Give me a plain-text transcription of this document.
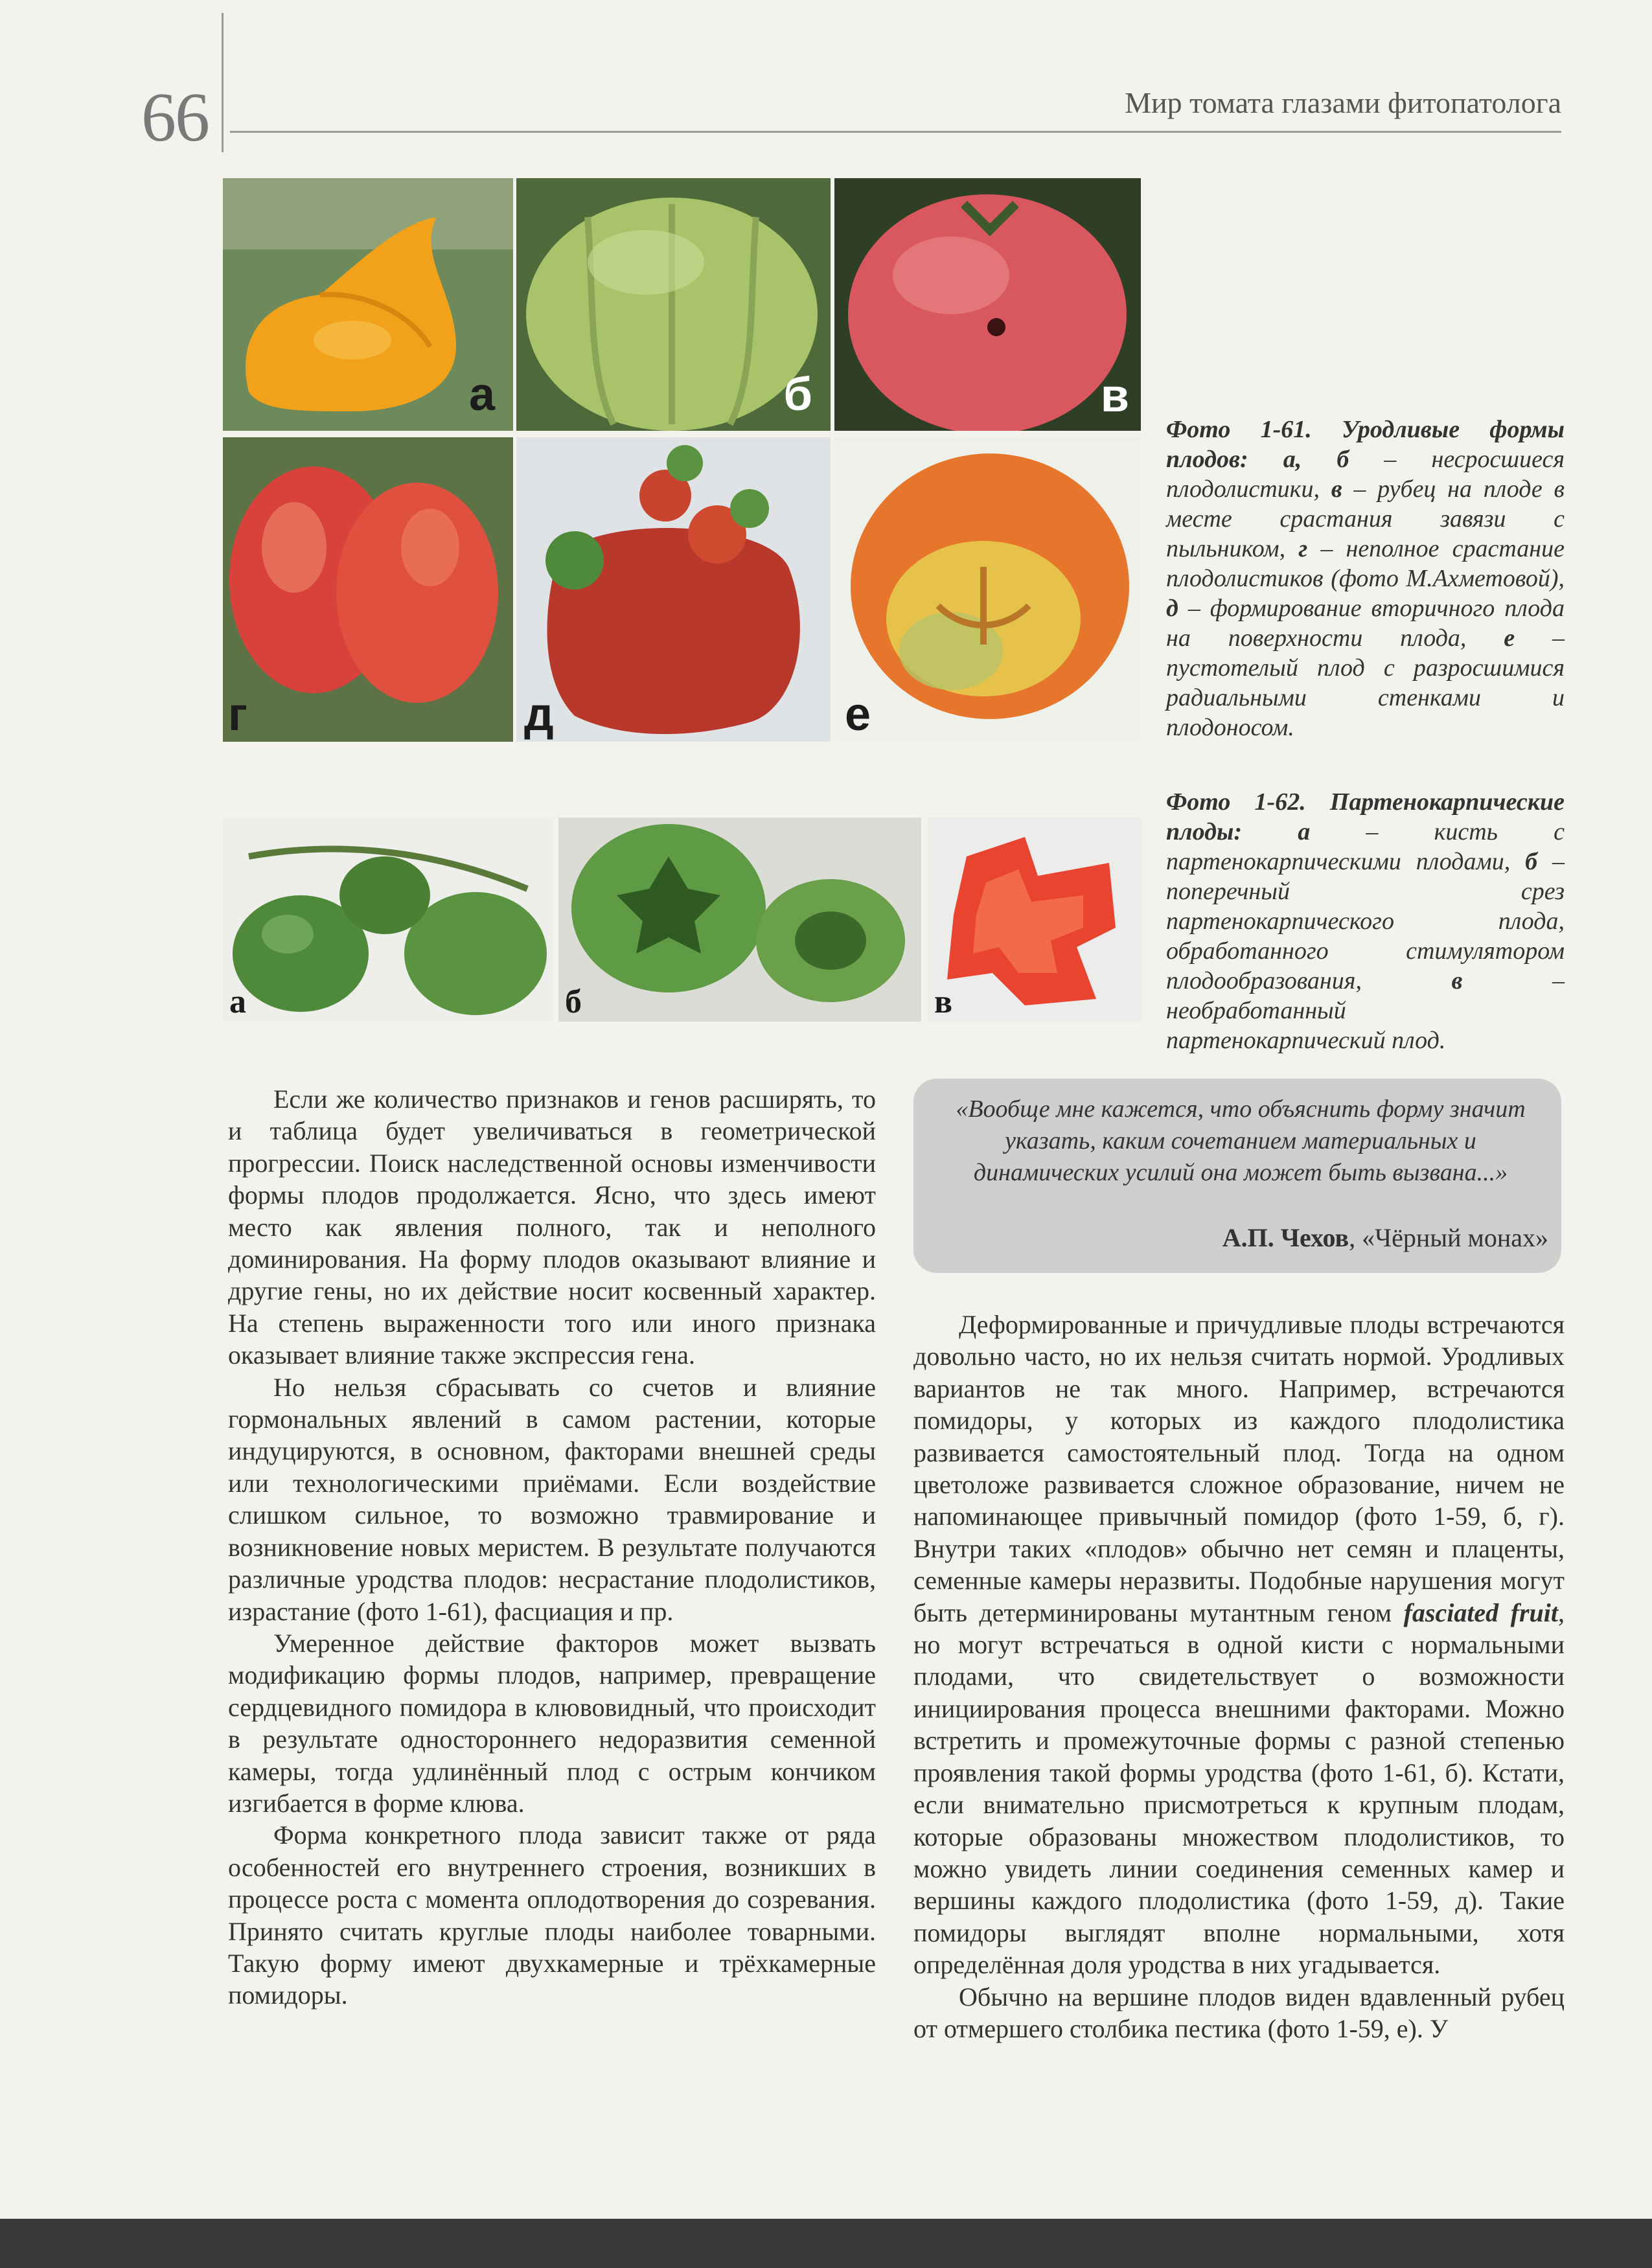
66	Мир томата глазами фитопатолога
а	б	в
г	д	е
Фото 1-61. Уродливые формы плодов: а, б – несросшиеся плодолистики, в – рубец на плоде в месте срастания завязи с пыльником, г – неполное срастание плодолистиков (фото М.Ахметовой), д – формирование вторичного плода на поверхности плода, е – пустотелый плод с разросшимися радиальными стенками и плодоносом.
а	б	в
Фото 1-62. Партенокарпические плоды: а – кисть с партенокарпическими плодами, б – поперечный срез партенокарпического плода, обработанного стимулятором плодообразования, в – необработанный партенокарпический плод.

Если же количество признаков и генов расширять, то и таблица будет увеличиваться в геометрической прогрессии. Поиск наследственной основы изменчивости формы плодов продолжается. Ясно, что здесь имеют место как явления полного, так и неполного доминирования. На форму плодов оказывают влияние и другие гены, но их действие носит косвенный характер. На степень выраженности того или иного признака оказывает влияние также экспрессия гена.

Но нельзя сбрасывать со счетов и влияние гормональных явлений в самом растении, которые индуцируются, в основном, факторами внешней среды или технологическими приёмами. Если воздействие слишком сильное, то возможно травмирование и возникновение новых меристем. В результате получаются различные уродства плодов: несрастание плодолистиков, израстание (фото 1-61), фасциация и пр.

Умеренное действие факторов может вызвать модификацию формы плодов, например, превращение сердцевидного помидора в клювовидный, что происходит в результате одностороннего недоразвития семенной камеры, тогда удлинённый плод с острым кончиком изгибается в форме клюва.

Форма конкретного плода зависит также от ряда особенностей его внутреннего строения, возникших в процессе роста с момента оплодотворения до созревания. Принято считать круглые плоды наиболее товарными. Такую форму имеют двухкамерные и трёхкамерные помидоры.

«Вообще мне кажется, что объяснить форму значит указать, каким сочетанием материальных и динамических усилий она может быть вызвана...»
А.П. Чехов, «Чёрный монах»

Деформированные и причудливые плоды встречаются довольно часто, но их нельзя считать нормой. Уродливых вариантов не так много. Например, встречаются помидоры, у которых из каждого плодолистика развивается самостоятельный плод. Тогда на одном цветоложе развивается сложное образование, ничем не напоминающее привычный помидор (фото 1-59, б, г). Внутри таких «плодов» обычно нет семян и плаценты, семенные камеры неразвиты. Подобные нарушения могут быть детерминированы мутантным геном fasciated fruit, но могут встречаться в одной кисти с нормальными плодами, что свидетельствует о возможности инициирования процесса внешними факторами. Можно встретить и промежуточные формы с разной степенью проявления такой формы уродства (фото 1-61, б). Кстати, если внимательно присмотреться к крупным плодам, которые образованы множеством плодолистиков, то можно увидеть линии соединения семенных камер и вершины каждого плодолистика (фото 1-59, д). Такие помидоры выглядят вполне нормальными, хотя определённая доля уродства в них угадывается.

Обычно на вершине плодов виден вдавленный рубец от отмершего столбика пестика (фото 1-59, е). У
